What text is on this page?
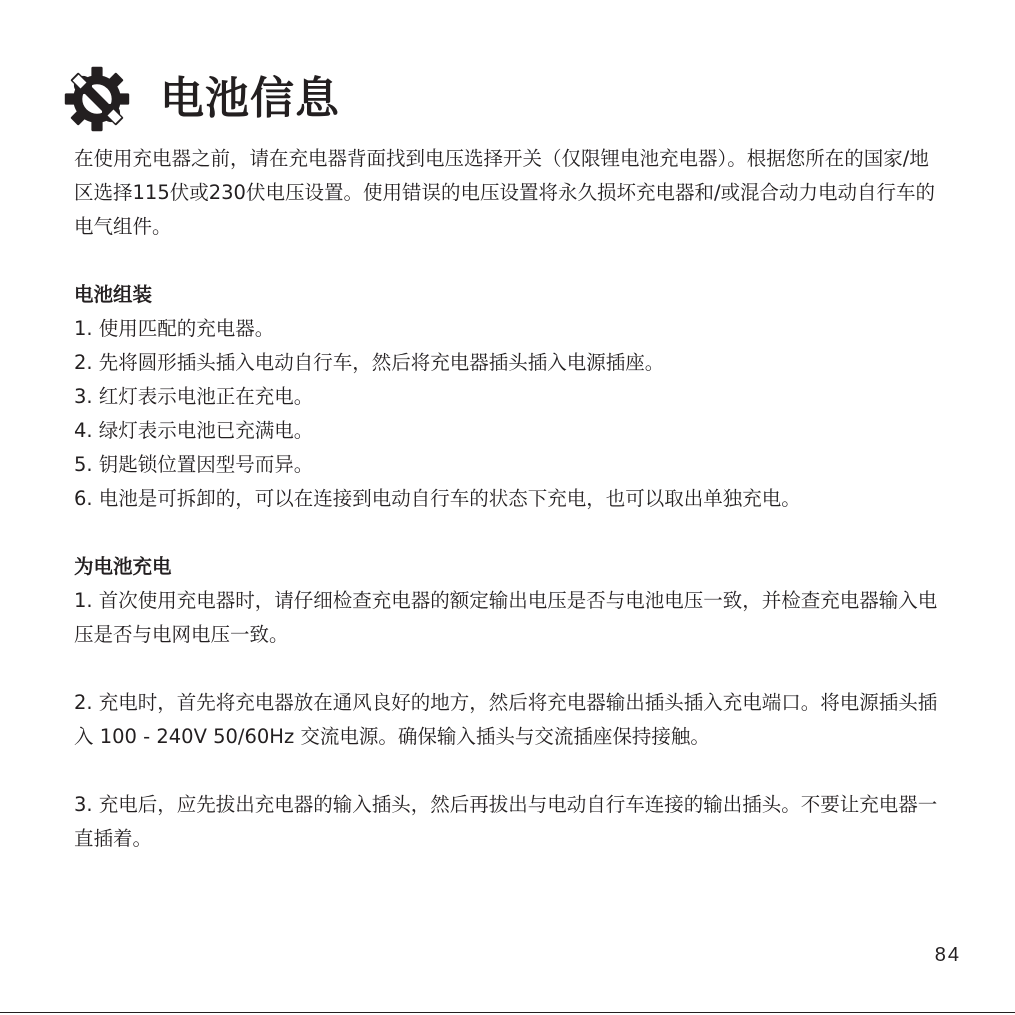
电池信息

在使用充电器之前，请在充电器背面找到电压选择开关（仅限锂电池充电器）。根据您所在的国家/地区选择115伏或230伏电压设置。使用错误的电压设置将永久损坏充电器和/或混合动力电动自行车的电气组件。

电池组装

1. 使用匹配的充电器。
2. 先将圆形插头插入电动自行车，然后将充电器插头插入电源插座。
3. 红灯表示电池正在充电。
4. 绿灯表示电池已充满电。
5. 钥匙锁位置因型号而异。
6. 电池是可拆卸的，可以在连接到电动自行车的状态下充电，也可以取出单独充电。

为电池充电

1. 首次使用充电器时，请仔细检查充电器的额定输出电压是否与电池电压一致，并检查充电器输入电压是否与电网电压一致。

2. 充电时，首先将充电器放在通风良好的地方，然后将充电器输出插头插入充电端口。将电源插头插入 100 - 240V 50/60Hz 交流电源。确保输入插头与交流插座保持接触。

3. 充电后，应先拔出充电器的输入插头，然后再拔出与电动自行车连接的输出插头。不要让充电器一直插着。

84
